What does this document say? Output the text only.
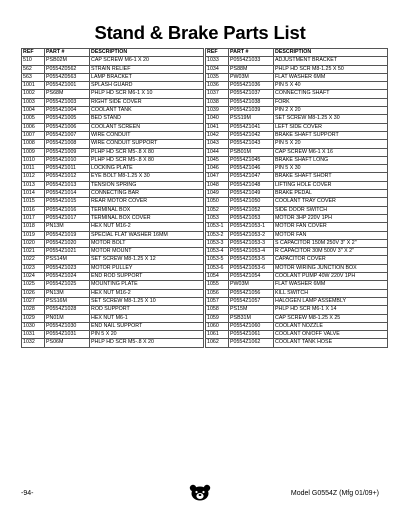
Stand & Brake Parts List
REF	PART #	DESCRIPTION
510	PSB02M	CAP SCREW M6-1 X 20
562	P0554Z0562	STRAIN RELIEF
563	P0554Z0563	LAMP BRACKET
1001	P0554Z1001	SPLASH GUARD
1002	PS68M	PHLP HD SCR M6-1 X 10
1003	P0554Z1003	RIGHT SIDE COVER
1004	P0554Z1004	COOLANT TANK
1005	P0554Z1005	BED STAND
1006	P0554Z1006	COOLANT SCREEN
1007	P0554Z1007	WIRE CONDUIT
1008	P0554Z1008	WIRE CONDUIT SUPPORT
1009	P0554Z1009	PLHP HD SCR M5-.8 X 80
1010	P0554Z1010	PLHP HD SCR M5-.8 X 80
1011	P0554Z1011	LOCKING PLATE
1012	P0554Z1012	EYE BOLT M8-1.25 X 30
1013	P0554Z1013	TENSION SPRING
1014	P0554Z1014	CONNECTING BAR
1015	P0554Z1015	REAR MOTOR COVER
1016	P0554Z1016	TERMINAL BOX
1017	P0554Z1017	TERMINAL BOX COVER
1018	PN13M	HEX NUT M16-2
1019	P0554Z1019	SPECIAL FLAT WASHER 16MM
1020	P0554Z1020	MOTOR BOLT
1021	P0554Z1021	MOTOR MOUNT
1022	PSS14M	SET SCREW M8-1.25 X 12
1023	P0554Z1023	MOTOR PULLEY
1024	P0554Z1024	END ROD SUPPORT
1025	P0554Z1025	MOUNTING PLATE
1026	PN13M	HEX NUT M16-2
1027	PSS16M	SET SCREW M8-1.25 X 10
1028	P0554Z1028	ROD SUPPORT
1029	PN01M	HEX NUT M6-1
1030	P0554Z1030	END NAIL SUPPORT
1031	P0554Z1031	PIN 5 X 20
1032	PS06M	PHLP HD SCR M5-.8 X 20
REF	PART #	DESCRIPTION
1033	P0554Z1033	ADJUSTMENT BRACKET
1034	PS88M	PHLP HD SCR M8-1.25 X 50
1035	PW03M	FLAT WASHER 6MM
1036	P0554Z1036	PIN 5 X 40
1037	P0554Z1037	CONNECTING SHAFT
1038	P0554Z1038	FORK
1039	P0554Z1039	PIN 2 X 20
1040	PSS19M	SET SCREW M8-1.25 X 30
1041	P0554Z1041	LEFT SIDE COVER
1042	P0554Z1042	BRAKE SHAFT SUPPORT
1043	P0554Z1043	PIN 5 X 20
1044	PSB01M	CAP SCREW M6-1 X 16
1045	P0554Z1045	BRAKE SHAFT LONG
1046	P0554Z1046	PIN 5 X 30
1047	P0554Z1047	BRAKE SHAFT SHORT
1048	P0554Z1048	LIFTING HOLE COVER
1049	P0554Z1049	BRAKE PEDAL
1050	P0554Z1050	COOLANT TRAY COVER
1052	P0554Z1052	SIDE DOOR SWITCH
1053	P0554Z1053	MOTOR 3HP 220V 1PH
1053-1	P0554Z1053-1	MOTOR FAN COVER
1053-2	P0554Z1053-2	MOTOR FAN
1053-3	P0554Z1053-3	S CAPACITOR 150M 250V 3" X 2"
1053-4	P0554Z1053-4	R CAPACITOR 30M 500V 3" X 2"
1053-5	P0554Z1053-5	CAPACITOR COVER
1053-6	P0554Z1053-6	MOTOR WIRING JUNCTION BOX
1054	P0554Z1054	COOLANT PUMP 40W 220V 1PH
1055	PW03M	FLAT WASHER 6MM
1056	P0554Z1056	KILL SWITCH
1057	P0554Z1057	HALOGEN LAMP ASSEMBLY
1058	PS15M	PHLP HD SCR M6-1 X 14
1059	PSB31M	CAP SCREW M8-1.25 X 25
1060	P0554Z1060	COOLANT NOZZLE
1061	P0554Z1061	COOLANT ON/OFF VALVE
1062	P0554Z1062	COOLANT TANK HOSE
-94-	Model G0554Z (Mfg 01/09+)
